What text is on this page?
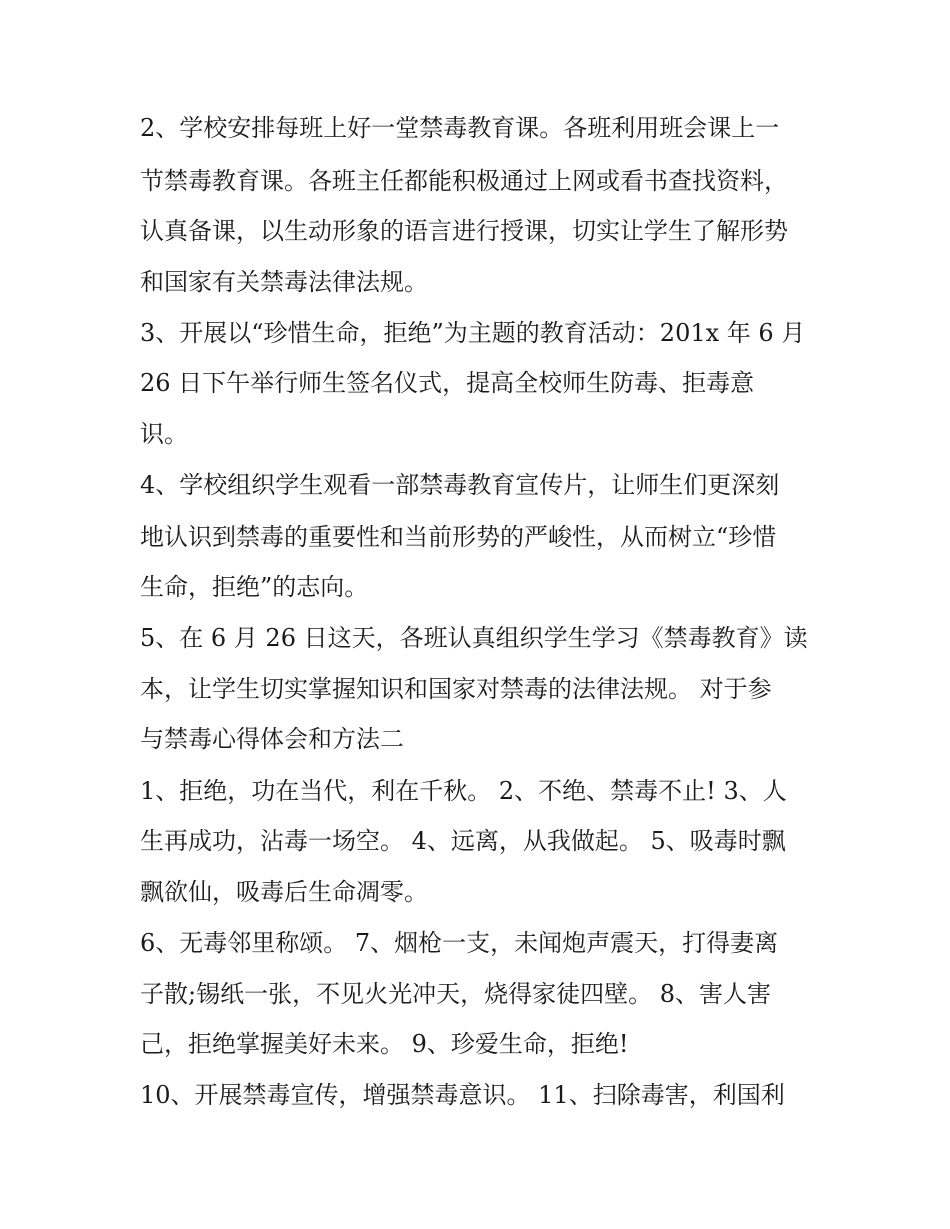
2、学校安排每班上好一堂禁毒教育课。各班利用班会课上一
节禁毒教育课。各班主任都能积极通过上网或看书查找资料，
认真备课，以生动形象的语言进行授课，切实让学生了解形势
和国家有关禁毒法律法规。
3、开展以“珍惜生命，拒绝”为主题的教育活动：201x 年 6 月
26 日下午举行师生签名仪式，提高全校师生防毒、拒毒意
识。
4、学校组织学生观看一部禁毒教育宣传片，让师生们更深刻
地认识到禁毒的重要性和当前形势的严峻性，从而树立“珍惜
生命，拒绝”的志向。
5、在 6 月 26 日这天，各班认真组织学生学习《禁毒教育》读
本，让学生切实掌握知识和国家对禁毒的法律法规。 对于参
与禁毒心得体会和方法二
1、拒绝，功在当代，利在千秋。 2、不绝、禁毒不止! 3、人
生再成功，沾毒一场空。 4、远离，从我做起。 5、吸毒时飘
飘欲仙，吸毒后生命凋零。
6、无毒邻里称颂。 7、烟枪一支，未闻炮声震天，打得妻离
子散;锡纸一张，不见火光冲天，烧得家徒四壁。 8、害人害
己，拒绝掌握美好未来。 9、珍爱生命，拒绝!
10、开展禁毒宣传，增强禁毒意识。 11、扫除毒害，利国利
